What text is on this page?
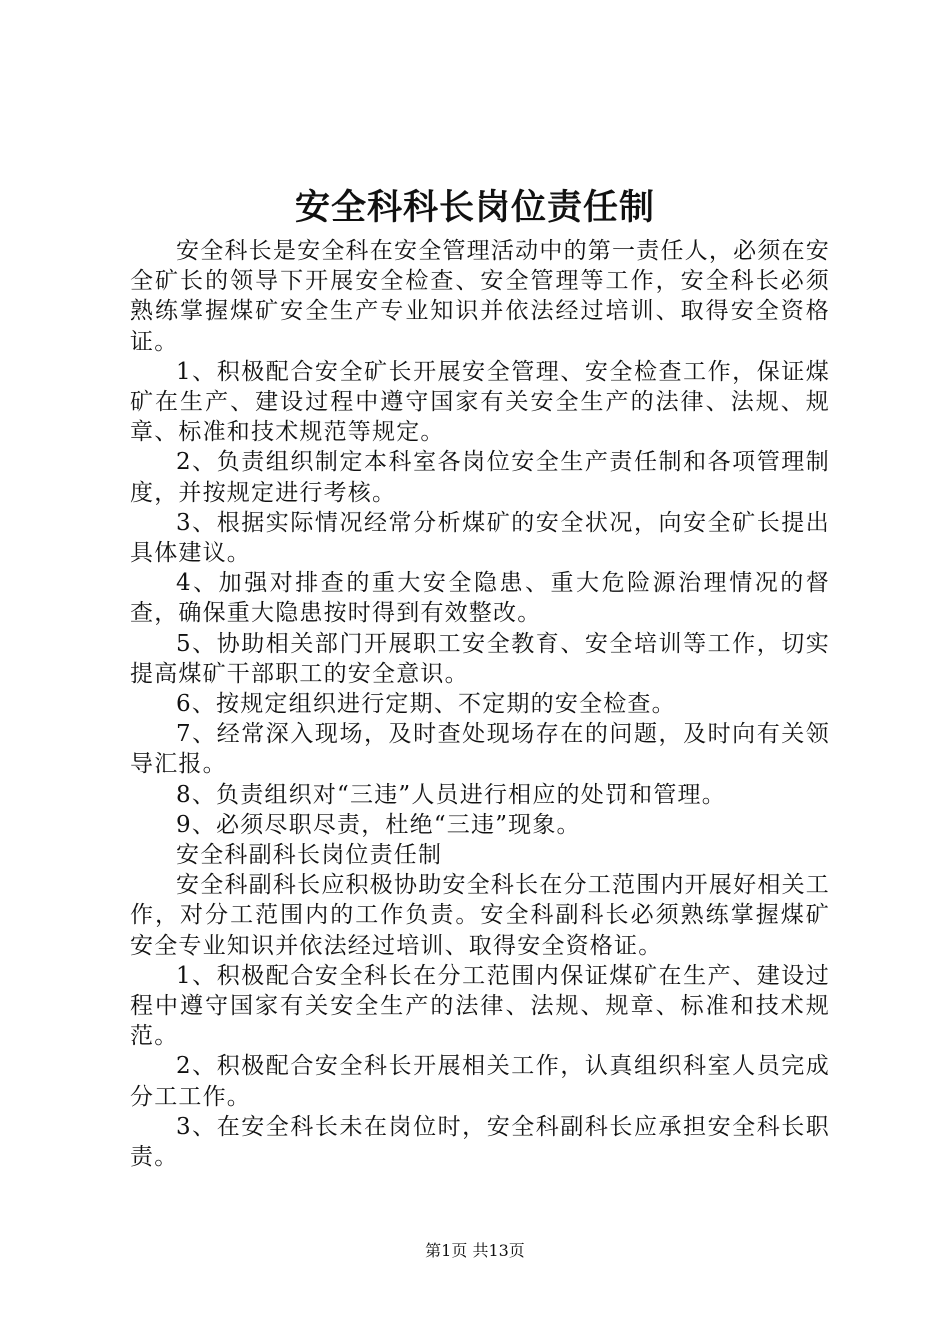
安全科科长岗位责任制

安全科长是安全科在安全管理活动中的第一责任人，必须在安全矿长的领导下开展安全检查、安全管理等工作，安全科长必须熟练掌握煤矿安全生产专业知识并依法经过培训、取得安全资格证。

1、积极配合安全矿长开展安全管理、安全检查工作，保证煤矿在生产、建设过程中遵守国家有关安全生产的法律、法规、规章、标准和技术规范等规定。

2、负责组织制定本科室各岗位安全生产责任制和各项管理制度，并按规定进行考核。

3、根据实际情况经常分析煤矿的安全状况，向安全矿长提出具体建议。

4、加强对排查的重大安全隐患、重大危险源治理情况的督查，确保重大隐患按时得到有效整改。

5、协助相关部门开展职工安全教育、安全培训等工作，切实提高煤矿干部职工的安全意识。

6、按规定组织进行定期、不定期的安全检查。

7、经常深入现场，及时查处现场存在的问题，及时向有关领导汇报。

8、负责组织对“三违”人员进行相应的处罚和管理。

9、必须尽职尽责，杜绝“三违”现象。

安全科副科长岗位责任制

安全科副科长应积极协助安全科长在分工范围内开展好相关工作，对分工范围内的工作负责。安全科副科长必须熟练掌握煤矿安全专业知识并依法经过培训、取得安全资格证。

1、积极配合安全科长在分工范围内保证煤矿在生产、建设过程中遵守国家有关安全生产的法律、法规、规章、标准和技术规范。

2、积极配合安全科长开展相关工作，认真组织科室人员完成分工工作。

3、在安全科长未在岗位时，安全科副科长应承担安全科长职责。

第1页 共13页
